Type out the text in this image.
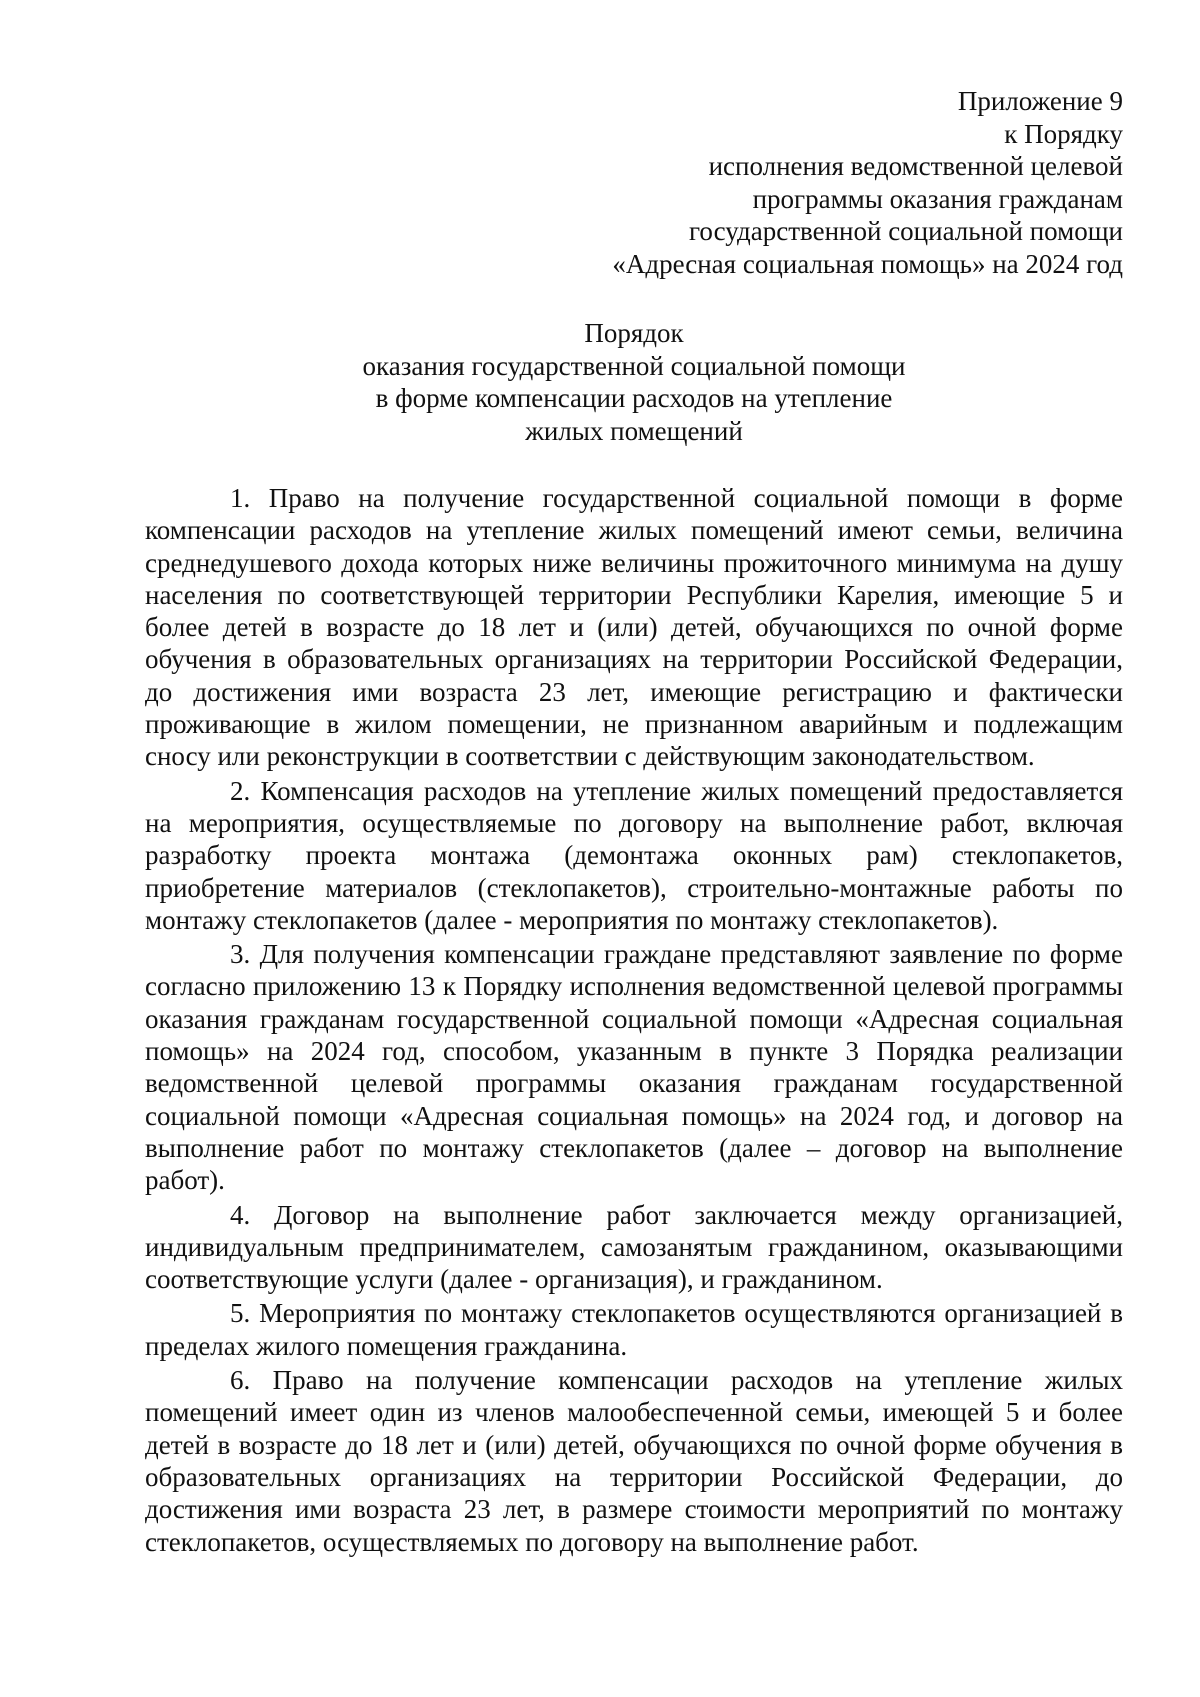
Приложение 9
к Порядку
исполнения ведомственной целевой
программы оказания гражданам
государственной социальной помощи
«Адресная социальная помощь» на 2024 год
Порядок
оказания государственной социальной помощи
в форме компенсации расходов на утепление
жилых помещений

1. Право на получение государственной социальной помощи в форме компенсации расходов на утепление жилых помещений имеют семьи, величина среднедушевого дохода которых ниже величины прожиточного минимума на душу населения по соответствующей территории Республики Карелия, имеющие 5 и более детей в возрасте до 18 лет и (или) детей, обучающихся по очной форме обучения в образовательных организациях на территории Российской Федерации, до достижения ими возраста 23 лет, имеющие регистрацию и фактически проживающие в жилом помещении, не признанном аварийным и подлежащим сносу или реконструкции в соответствии с действующим законодательством.

2. Компенсация расходов на утепление жилых помещений предоставляется на мероприятия, осуществляемые по договору на выполнение работ, включая разработку проекта монтажа (демонтажа оконных рам) стеклопакетов, приобретение материалов (стеклопакетов), строительно-монтажные работы по монтажу стеклопакетов (далее - мероприятия по монтажу стеклопакетов).

3. Для получения компенсации граждане представляют заявление по форме согласно приложению 13 к Порядку исполнения ведомственной целевой программы оказания гражданам государственной социальной помощи «Адресная социальная помощь» на 2024 год, способом, указанным в пункте 3 Порядка реализации ведомственной целевой программы оказания гражданам государственной социальной помощи «Адресная социальная помощь» на 2024 год, и договор на выполнение работ по монтажу стеклопакетов (далее – договор на выполнение работ).

4. Договор на выполнение работ заключается между организацией, индивидуальным предпринимателем, самозанятым гражданином, оказывающими соответствующие услуги (далее - организация), и гражданином.

5. Мероприятия по монтажу стеклопакетов осуществляются организацией в пределах жилого помещения гражданина.

6. Право на получение компенсации расходов на утепление жилых помещений имеет один из членов малообеспеченной семьи, имеющей 5 и более детей в возрасте до 18 лет и (или) детей, обучающихся по очной форме обучения в образовательных организациях на территории Российской Федерации, до достижения ими возраста 23 лет, в размере стоимости мероприятий по монтажу стеклопакетов, осуществляемых по договору на выполнение работ.
